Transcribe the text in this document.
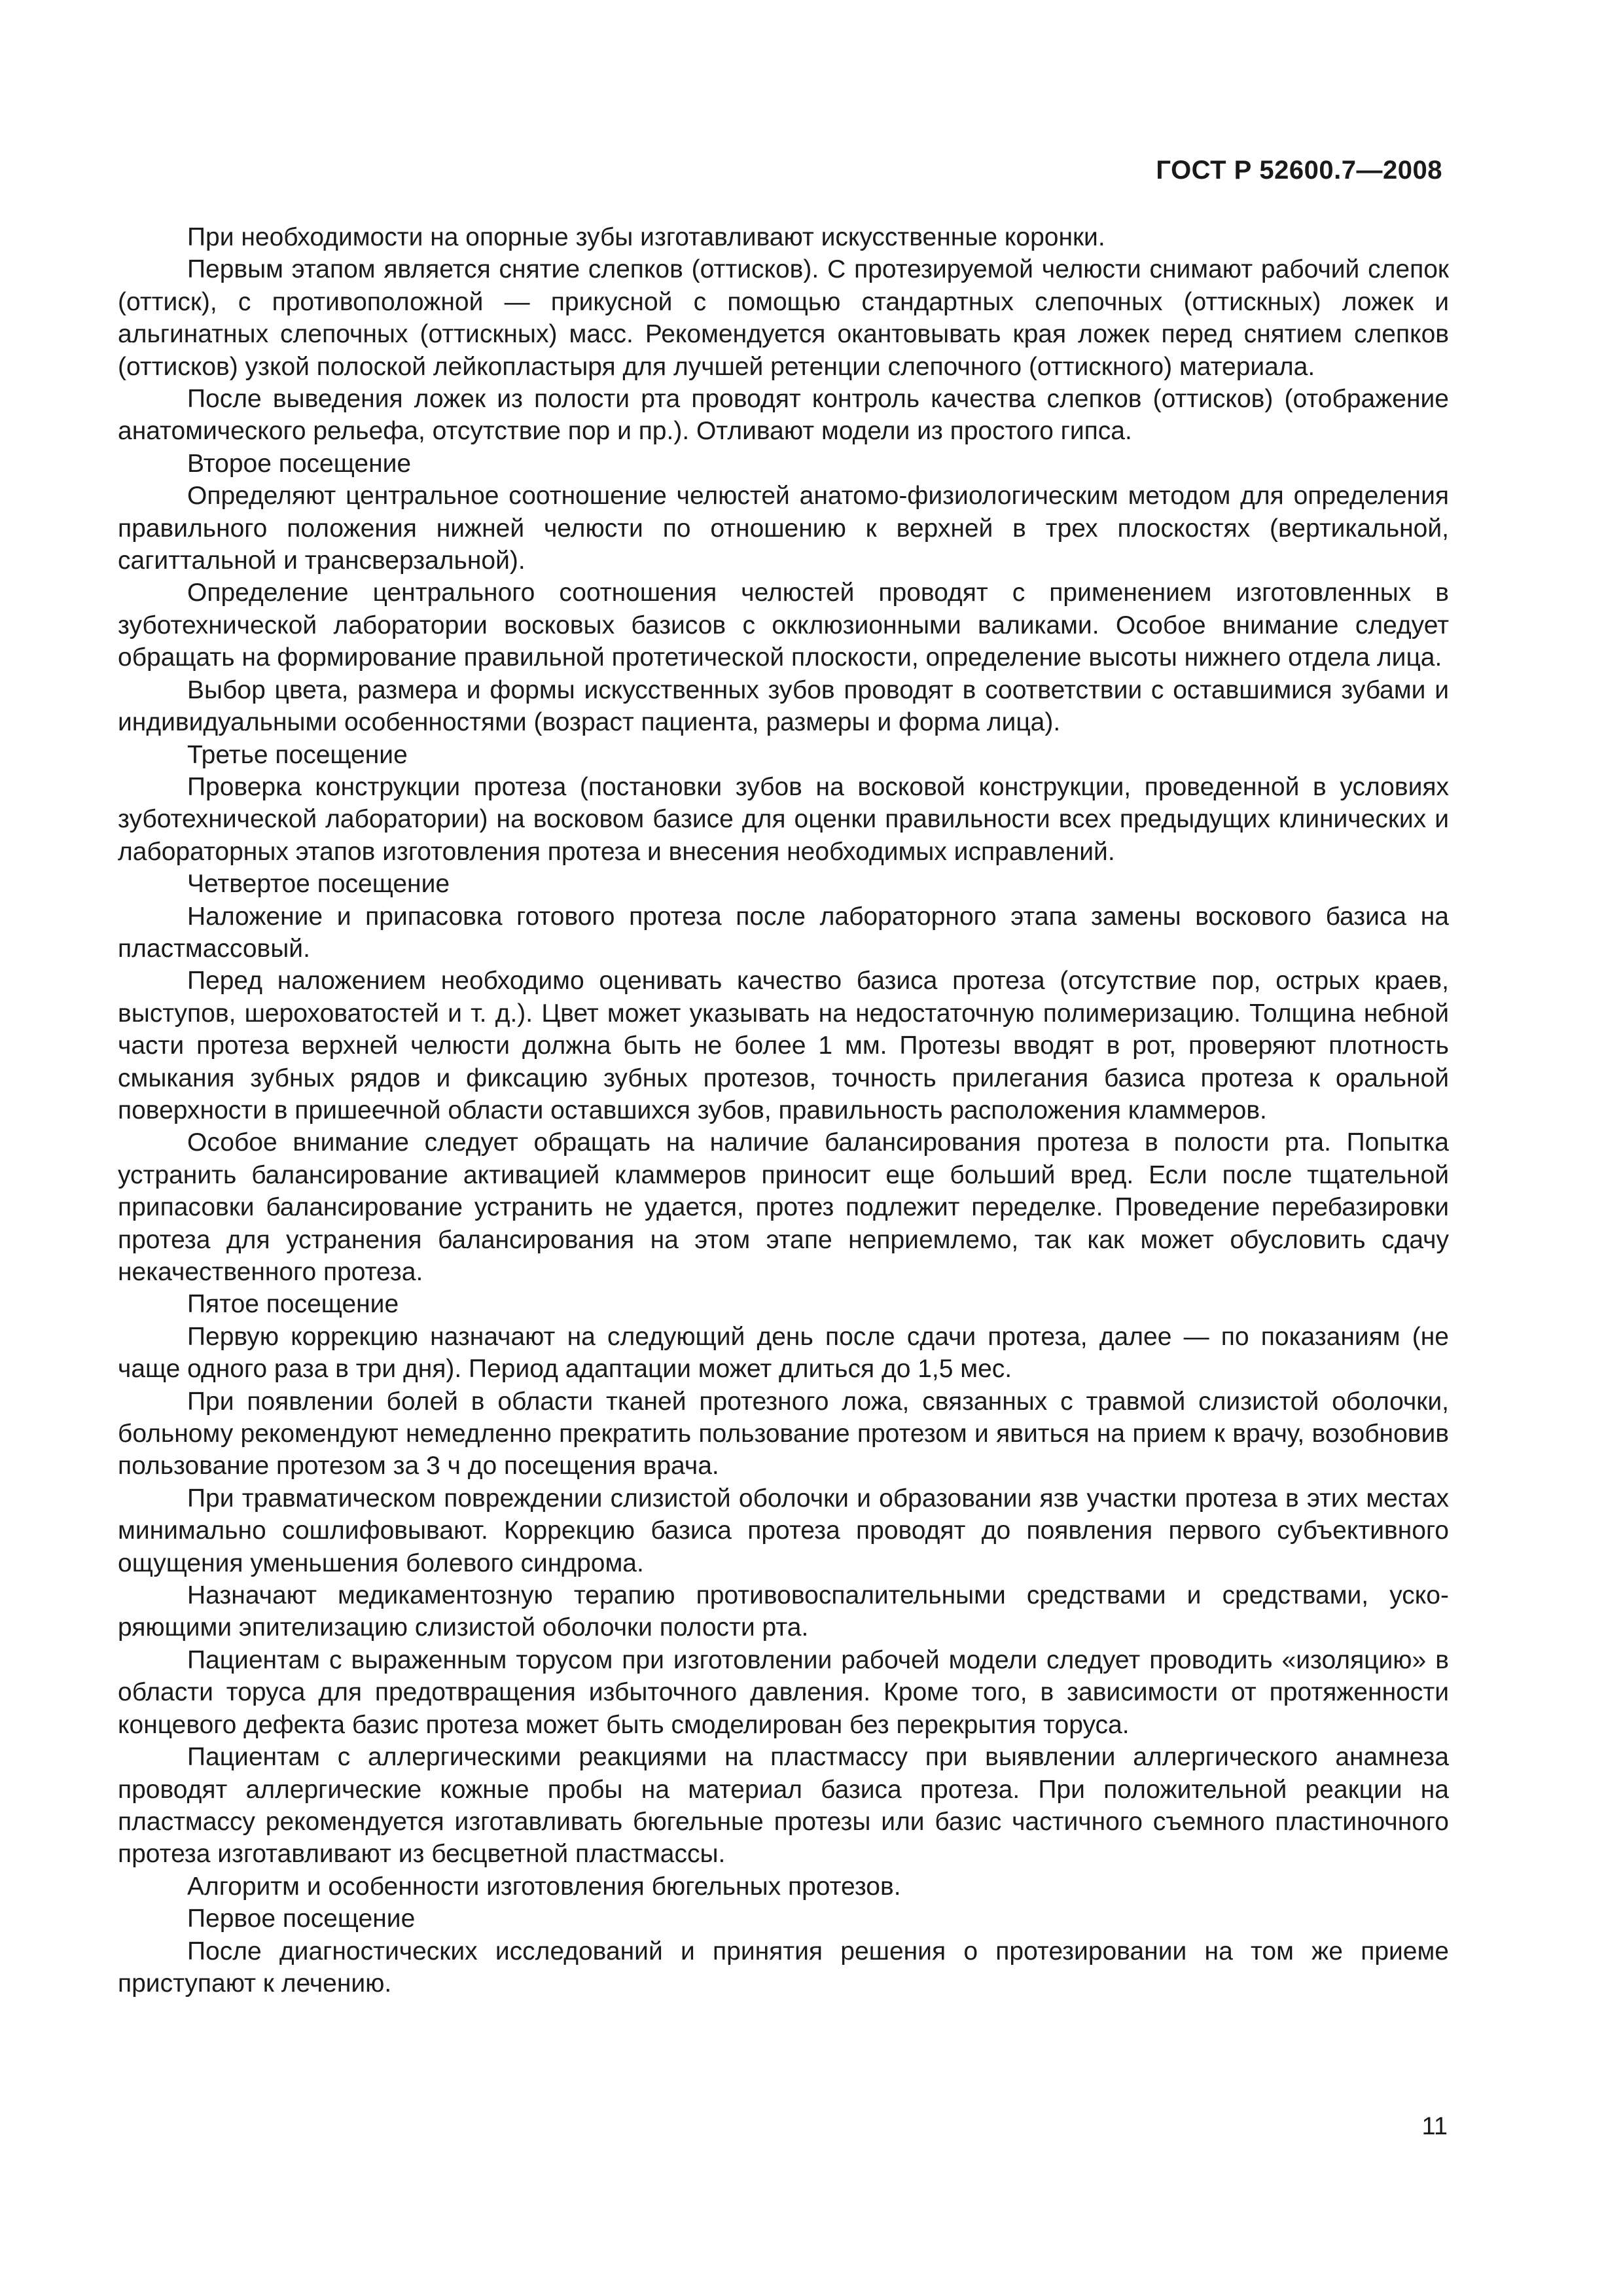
ГОСТ Р 52600.7—2008

При необходимости на опорные зубы изготавливают искусственные коронки.

Первым этапом является снятие слепков (оттисков). С протезируемой челюсти снимают рабочий слепок (оттиск), с противоположной — прикусной с помощью стандартных слепочных (оттискных) ложек и альгинатных слепочных (оттискных) масс. Рекомендуется окантовывать края ложек перед снятием слепков (оттисков) узкой полоской лейкопластыря для лучшей ретенции слепочного (оттискного) материала.

После выведения ложек из полости рта проводят контроль качества слепков (оттисков) (отображение анатомического рельефа, отсутствие пор и пр.). Отливают модели из простого гипса.

Второе посещение

Определяют центральное соотношение челюстей анатомо-физиологическим методом для определения правильного положения нижней челюсти по отношению к верхней в трех плоскостях (вертикальной, сагиттальной и трансверзальной).

Определение центрального соотношения челюстей проводят с применением изготовленных в зуботехнической лаборатории восковых базисов с окклюзионными валиками. Особое внимание следует обращать на формирование правильной протетической плоскости, определение высоты нижнего отдела лица.

Выбор цвета, размера и формы искусственных зубов проводят в соответствии с оставшимися зубами и индивидуальными особенностями (возраст пациента, размеры и форма лица).

Третье посещение

Проверка конструкции протеза (постановки зубов на восковой конструкции, проведенной в условиях зуботехнической лаборатории) на восковом базисе для оценки правильности всех предыдущих клинических и лабораторных этапов изготовления протеза и внесения необходимых исправлений.

Четвертое посещение

Наложение и припасовка готового протеза после лабораторного этапа замены воскового базиса на пластмассовый.

Перед наложением необходимо оценивать качество базиса протеза (отсутствие пор, острых краев, выступов, шероховатостей и т. д.). Цвет может указывать на недостаточную полимеризацию. Толщина небной части протеза верхней челюсти должна быть не более 1 мм. Протезы вводят в рот, проверяют плотность смыкания зубных рядов и фиксацию зубных протезов, точность прилегания базиса протеза к оральной поверхности в пришеечной области оставшихся зубов, правильность расположения кламмеров.

Особое внимание следует обращать на наличие балансирования протеза в полости рта. Попытка устранить балансирование активацией кламмеров приносит еще больший вред. Если после тщательной припасовки балансирование устранить не удается, протез подлежит переделке. Проведение перебазировки протеза для устранения балансирования на этом этапе неприемлемо, так как может обусловить сдачу некачественного протеза.

Пятое посещение

Первую коррекцию назначают на следующий день после сдачи протеза, далее — по показаниям (не чаще одного раза в три дня). Период адаптации может длиться до 1,5 мес.

При появлении болей в области тканей протезного ложа, связанных с травмой слизистой оболочки, больному рекомендуют немедленно прекратить пользование протезом и явиться на прием к врачу, возобновив пользование протезом за 3 ч до посещения врача.

При травматическом повреждении слизистой оболочки и образовании язв участки протеза в этих местах минимально сошлифовывают. Коррекцию базиса протеза проводят до появления первого субъективного ощущения уменьшения болевого синдрома.

Назначают медикаментозную терапию противовоспалительными средствами и средствами, ускоряющими эпителизацию слизистой оболочки полости рта.

Пациентам с выраженным торусом при изготовлении рабочей модели следует проводить «изоляцию» в области торуса для предотвращения избыточного давления. Кроме того, в зависимости от протяженности концевого дефекта базис протеза может быть смоделирован без перекрытия торуса.

Пациентам с аллергическими реакциями на пластмассу при выявлении аллергического анамнеза проводят аллергические кожные пробы на материал базиса протеза. При положительной реакции на пластмассу рекомендуется изготавливать бюгельные протезы или базис частичного съемного пластиночного протеза изготавливают из бесцветной пластмассы.

Алгоритм и особенности изготовления бюгельных протезов.

Первое посещение

После диагностических исследований и принятия решения о протезировании на том же приеме приступают к лечению.

11
